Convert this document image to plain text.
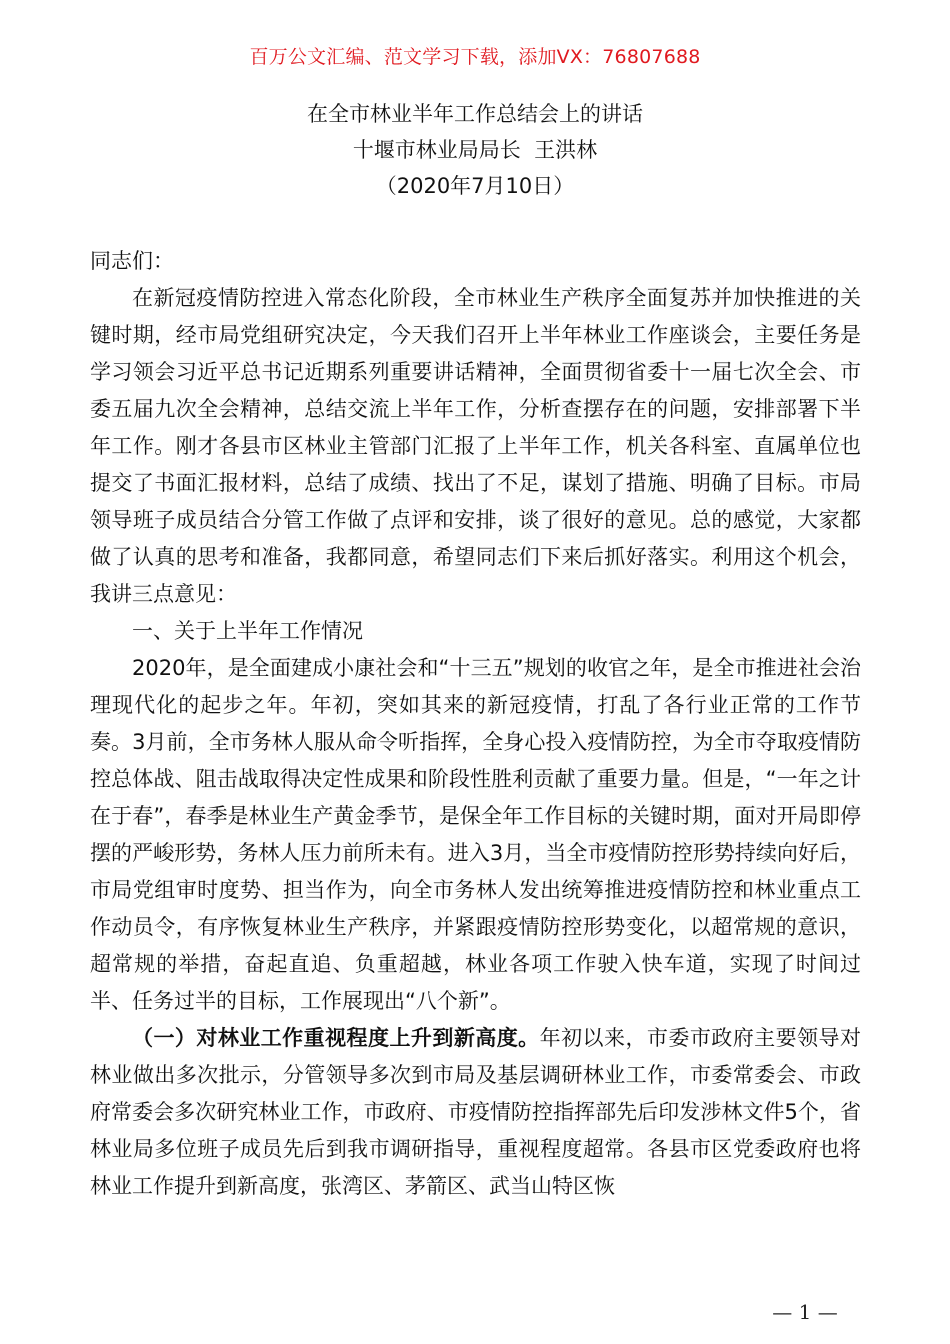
百万公文汇编、范文学习下载，添加VX：76807688
在全市林业半年工作总结会上的讲话
十堰市林业局局长  王洪林
（2020年7月10日）

同志们：

在新冠疫情防控进入常态化阶段，全市林业生产秩序全面复苏并加快推进的关键时期，经市局党组研究决定，今天我们召开上半年林业工作座谈会，主要任务是学习领会习近平总书记近期系列重要讲话精神，全面贯彻省委十一届七次全会、市委五届九次全会精神，总结交流上半年工作，分析查摆存在的问题，安排部署下半年工作。刚才各县市区林业主管部门汇报了上半年工作，机关各科室、直属单位也提交了书面汇报材料，总结了成绩、找出了不足，谋划了措施、明确了目标。市局领导班子成员结合分管工作做了点评和安排，谈了很好的意见。总的感觉，大家都做了认真的思考和准备，我都同意，希望同志们下来后抓好落实。利用这个机会，我讲三点意见：

一、关于上半年工作情况

2020年，是全面建成小康社会和“十三五”规划的收官之年，是全市推进社会治理现代化的起步之年。年初，突如其来的新冠疫情，打乱了各行业正常的工作节奏。3月前，全市务林人服从命令听指挥，全身心投入疫情防控，为全市夺取疫情防控总体战、阻击战取得决定性成果和阶段性胜利贡献了重要力量。但是，“一年之计在于春”，春季是林业生产黄金季节，是保全年工作目标的关键时期，面对开局即停摆的严峻形势，务林人压力前所未有。进入3月，当全市疫情防控形势持续向好后，市局党组审时度势、担当作为，向全市务林人发出统筹推进疫情防控和林业重点工作动员令，有序恢复林业生产秩序，并紧跟疫情防控形势变化，以超常规的意识，超常规的举措，奋起直追、负重超越，林业各项工作驶入快车道，实现了时间过半、任务过半的目标，工作展现出“八个新”。

（一）对林业工作重视程度上升到新高度。年初以来，市委市政府主要领导对林业做出多次批示，分管领导多次到市局及基层调研林业工作，市委常委会、市政府常委会多次研究林业工作，市政府、市疫情防控指挥部先后印发涉林文件5个，省林业局多位班子成员先后到我市调研指导，重视程度超常。各县市区党委政府也将林业工作提升到新高度，张湾区、茅箭区、武当山特区恢

— 1 —
